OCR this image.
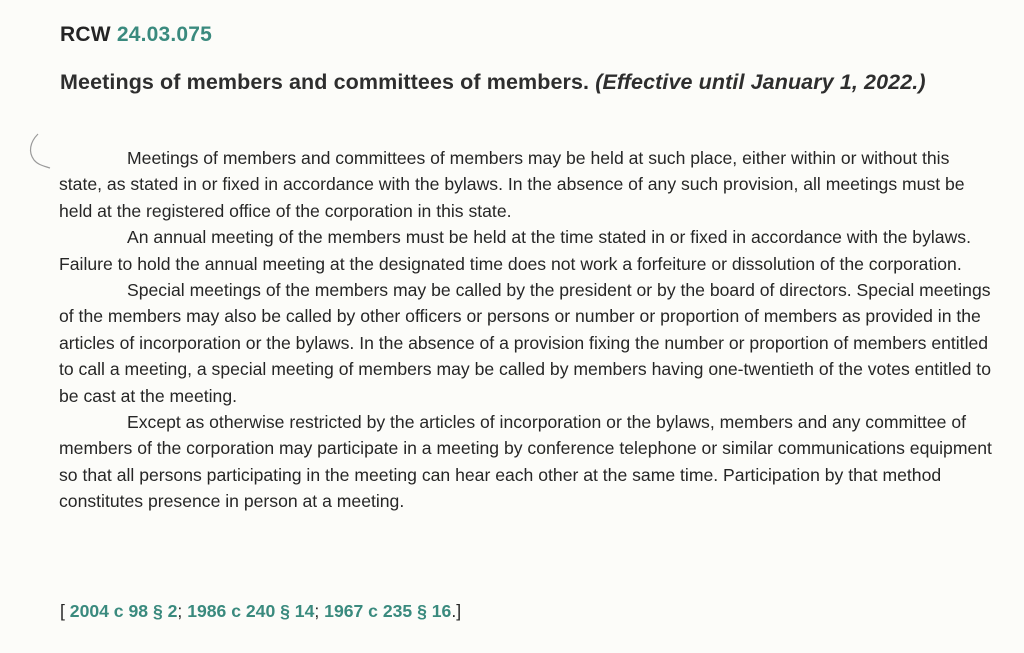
RCW 24.03.075
Meetings of members and committees of members. (Effective until January 1, 2022.)

Meetings of members and committees of members may be held at such place, either within or without this state, as stated in or fixed in accordance with the bylaws. In the absence of any such provision, all meetings must be held at the registered office of the corporation in this state.

An annual meeting of the members must be held at the time stated in or fixed in accordance with the bylaws. Failure to hold the annual meeting at the designated time does not work a forfeiture or dissolution of the corporation.

Special meetings of the members may be called by the president or by the board of directors. Special meetings of the members may also be called by other officers or persons or number or proportion of members as provided in the articles of incorporation or the bylaws. In the absence of a provision fixing the number or proportion of members entitled to call a meeting, a special meeting of members may be called by members having one-twentieth of the votes entitled to be cast at the meeting.

Except as otherwise restricted by the articles of incorporation or the bylaws, members and any committee of members of the corporation may participate in a meeting by conference telephone or similar communications equipment so that all persons participating in the meeting can hear each other at the same time. Participation by that method constitutes presence in person at a meeting.

[ 2004 c 98 § 2; 1986 c 240 § 14; 1967 c 235 § 16.]
